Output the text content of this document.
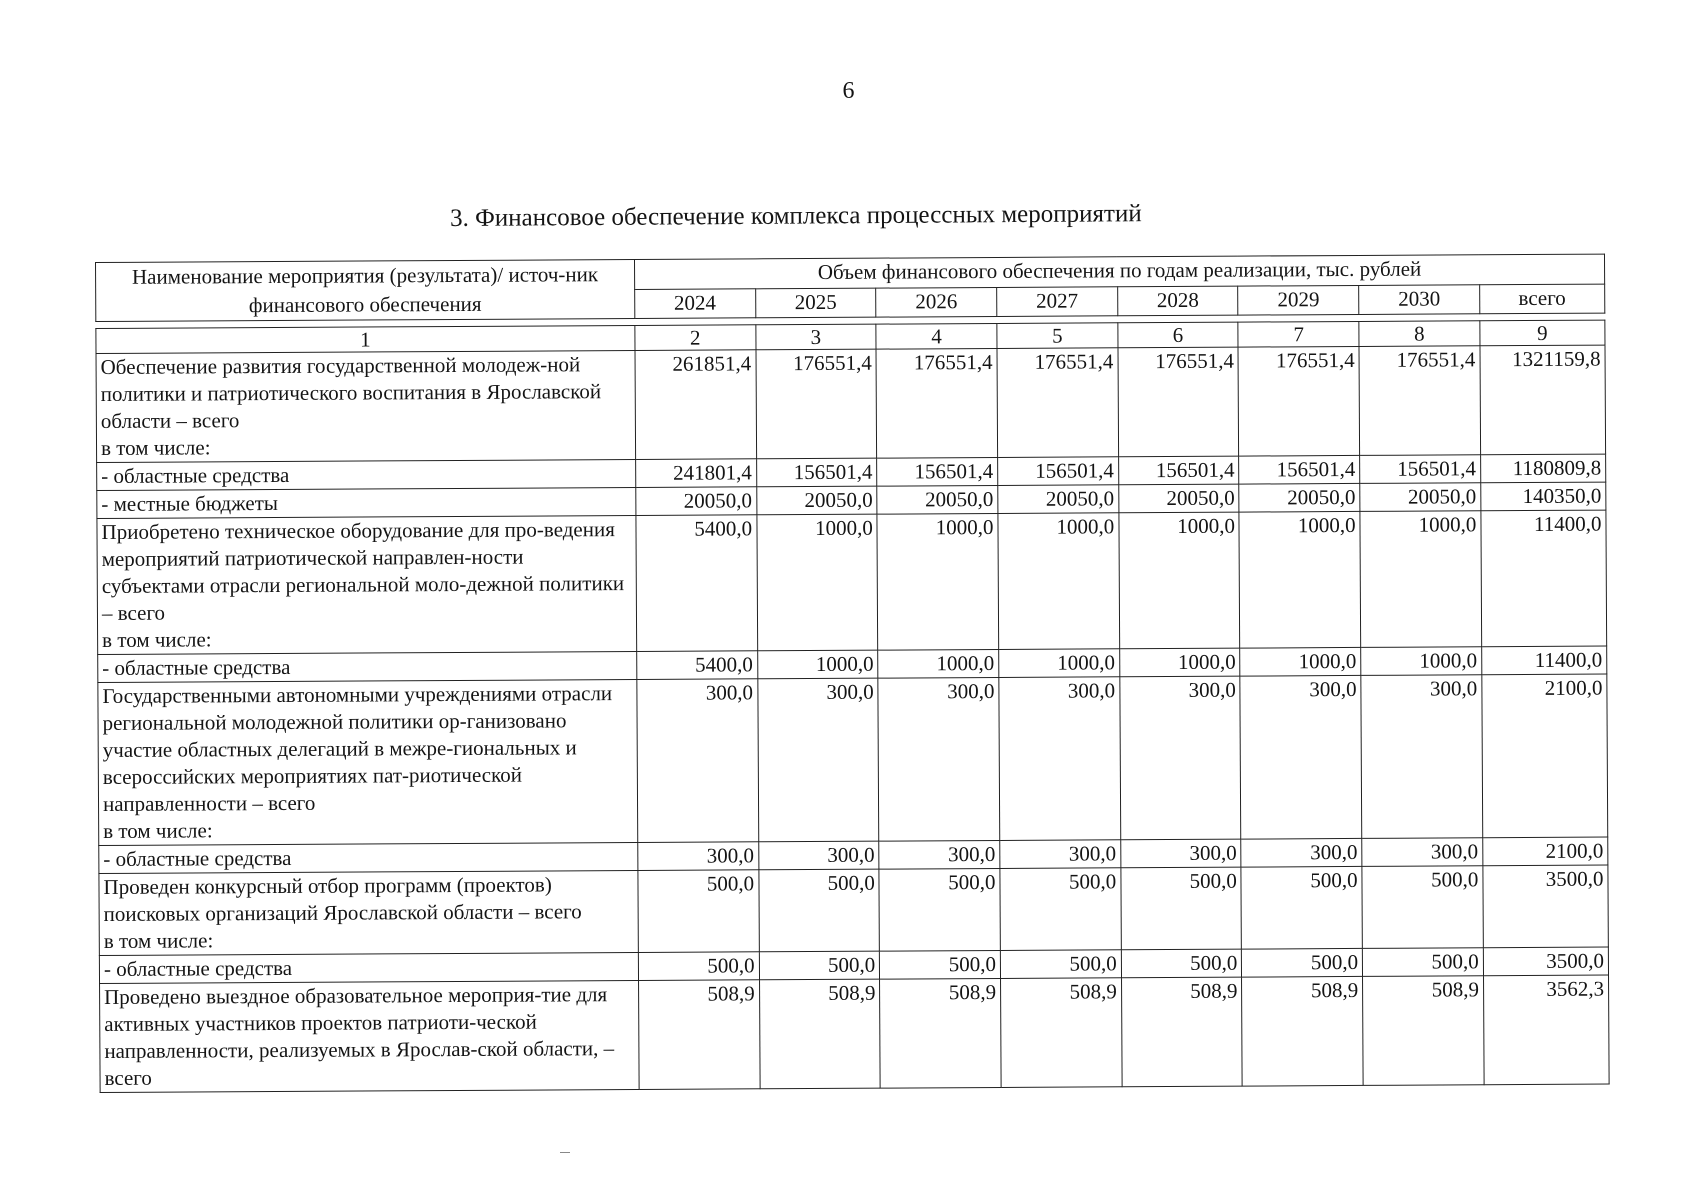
6
3. Финансовое обеспечение комплекса процессных мероприятий
Наименование мероприятия (результата)/ источ-ник финансового обеспечения	Объем финансового обеспечения по годам реализации, тыс. рублей							
	2024	2025	2026	2027	2028	2029	2030	всего

1	2	3	4	5	6	7	8	9

Обеспечение развития государственной молодеж-ной политики и патриотического воспитания в Ярославской области – всего
в том числе:	261851,4	176551,4	176551,4	176551,4	176551,4	176551,4	176551,4	1321159,8

- областные средства	241801,4	156501,4	156501,4	156501,4	156501,4	156501,4	156501,4	1180809,8

- местные бюджеты	20050,0	20050,0	20050,0	20050,0	20050,0	20050,0	20050,0	140350,0

Приобретено техническое оборудование для про-ведения мероприятий патриотической направлен-ности субъектами отрасли региональной моло-дежной политики – всего
в том числе:	5400,0	1000,0	1000,0	1000,0	1000,0	1000,0	1000,0	11400,0

- областные средства	5400,0	1000,0	1000,0	1000,0	1000,0	1000,0	1000,0	11400,0

Государственными автономными учреждениями отрасли региональной молодежной политики ор-ганизовано участие областных делегаций в межре-гиональных и всероссийских мероприятиях пат-риотической направленности – всего
в том числе:	300,0	300,0	300,0	300,0	300,0	300,0	300,0	2100,0

- областные средства	300,0	300,0	300,0	300,0	300,0	300,0	300,0	2100,0

Проведен конкурсный отбор программ (проектов) поисковых организаций Ярославской области – всего
в том числе:	500,0	500,0	500,0	500,0	500,0	500,0	500,0	3500,0

- областные средства	500,0	500,0	500,0	500,0	500,0	500,0	500,0	3500,0

Проведено выездное образовательное мероприя-тие для активных участников проектов патриоти-ческой направленности, реализуемых в Ярослав-ской области, – всего	508,9	508,9	508,9	508,9	508,9	508,9	508,9	3562,3
